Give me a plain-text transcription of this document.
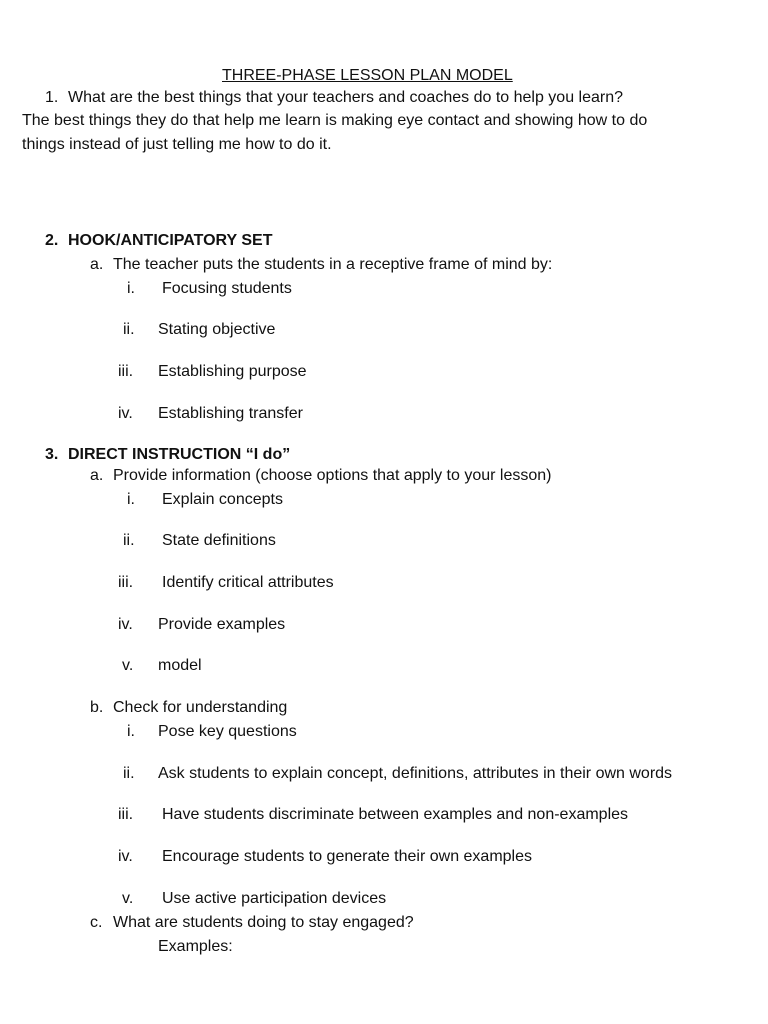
THREE-PHASE LESSON PLAN MODEL
1. What are the best things that your teachers and coaches do to help you learn?
The best things they do that help me learn is making eye contact and showing how to do
things instead of just telling me how to do it.
2. HOOK/ANTICIPATORY SET
a. The teacher puts the students in a receptive frame of mind by:
i. Focusing students
ii. Stating objective
iii. Establishing purpose
iv. Establishing transfer
3. DIRECT INSTRUCTION “I do”
a. Provide information (choose options that apply to your lesson)
i. Explain concepts
ii. State definitions
iii. Identify critical attributes
iv. Provide examples
v. model
b. Check for understanding
i. Pose key questions
ii. Ask students to explain concept, definitions, attributes in their own words
iii. Have students discriminate between examples and non-examples
iv. Encourage students to generate their own examples
v. Use active participation devices
c. What are students doing to stay engaged?
Examples:
